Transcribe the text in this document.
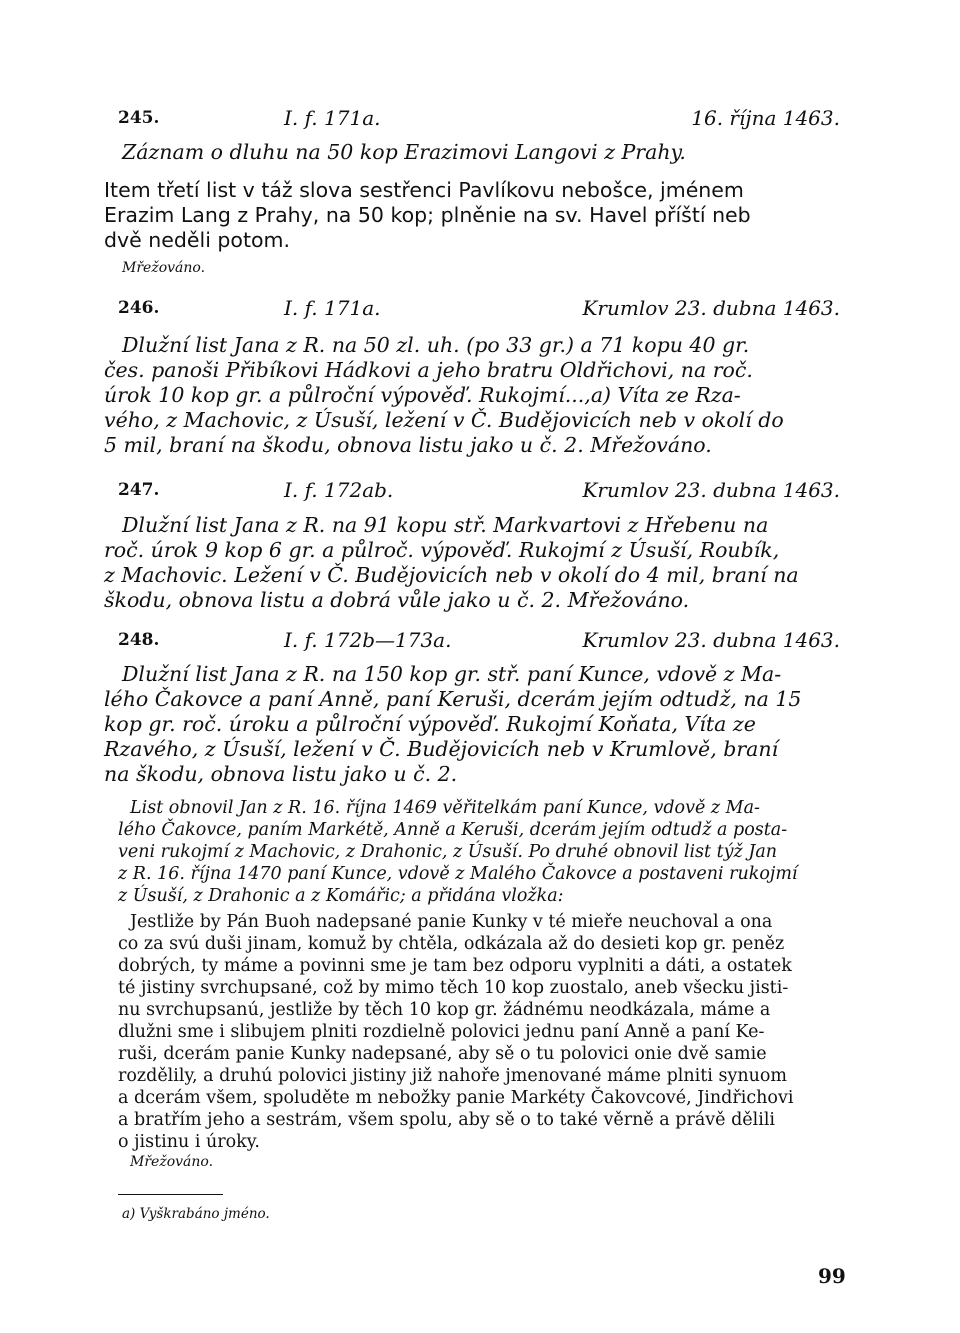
245.	I. f. 171a.	16. října 1463.
Záznam o dluhu na 50 kop Erazimovi Langovi z Prahy.
Item třetí list v táž slova sestřenci Pavlíkovu nebošce, jménem
Erazim Lang z Prahy, na 50 kop; plněnie na sv. Havel příští neb
dvě neděli potom.
Mřežováno.
246.	I. f. 171a.	Krumlov 23. dubna 1463.
Dlužní list Jana z R. na 50 zl. uh. (po 33 gr.) a 71 kopu 40 gr.
čes. panoši Přibíkovi Hádkovi a jeho bratru Oldřichovi, na roč.
úrok 10 kop gr. a půlroční výpověď. Rukojmí...,a) Víta ze Rza-
vého, z Machovic, z Úsuší, ležení v Č. Budějovicích neb v okolí do
5 mil, braní na škodu, obnova listu jako u č. 2. Mřežováno.
247.	I. f. 172ab.	Krumlov 23. dubna 1463.
Dlužní list Jana z R. na 91 kopu stř. Markvartovi z Hřebenu na
roč. úrok 9 kop 6 gr. a půlroč. výpověď. Rukojmí z Úsuší, Roubík,
z Machovic. Ležení v Č. Budějovicích neb v okolí do 4 mil, braní na
škodu, obnova listu a dobrá vůle jako u č. 2. Mřežováno.
248.	I. f. 172b—173a.	Krumlov 23. dubna 1463.
Dlužní list Jana z R. na 150 kop gr. stř. paní Kunce, vdově z Ma-
lého Čakovce a paní Anně, paní Keruši, dcerám jejím odtudž, na 15
kop gr. roč. úroku a půlroční výpověď. Rukojmí Koňata, Víta ze
Rzavého, z Úsuší, ležení v Č. Budějovicích neb v Krumlově, braní
na škodu, obnova listu jako u č. 2.
List obnovil Jan z R. 16. října 1469 věřitelkám paní Kunce, vdově z Ma-
lého Čakovce, paním Markétě, Anně a Keruši, dcerám jejím odtudž a posta-
veni rukojmí z Machovic, z Drahonic, z Úsuší. Po druhé obnovil list týž Jan
z R. 16. října 1470 paní Kunce, vdově z Malého Čakovce a postaveni rukojmí
z Úsuší, z Drahonic a z Komářic; a přidána vložka:
Jestliže by Pán Buoh nadepsané panie Kunky v té mieře neuchoval a ona
co za svú duši jinam, komuž by chtěla, odkázala až do desieti kop gr. peněz
dobrých, ty máme a povinni sme je tam bez odporu vyplniti a dáti, a ostatek
té jistiny svrchupsané, což by mimo těch 10 kop zuostalo, aneb všecku jisti-
nu svrchupsanú, jestliže by těch 10 kop gr. žádnému neodkázala, máme a
dlužni sme i slibujem plniti rozdielně polovici jednu paní Anně a paní Ke-
ruši, dcerám panie Kunky nadepsané, aby sě o tu polovici onie dvě samie
rozdělily, a druhú polovici jistiny již nahoře jmenované máme plniti synuom
a dcerám všem, spoluděte m nebožky panie Markéty Čakovcové, Jindřichovi
a bratřím jeho a sestrám, všem spolu, aby sě o to také věrně a právě dělili
o jistinu i úroky.
Mřežováno.
a) Vyškrabáno jméno.
99
